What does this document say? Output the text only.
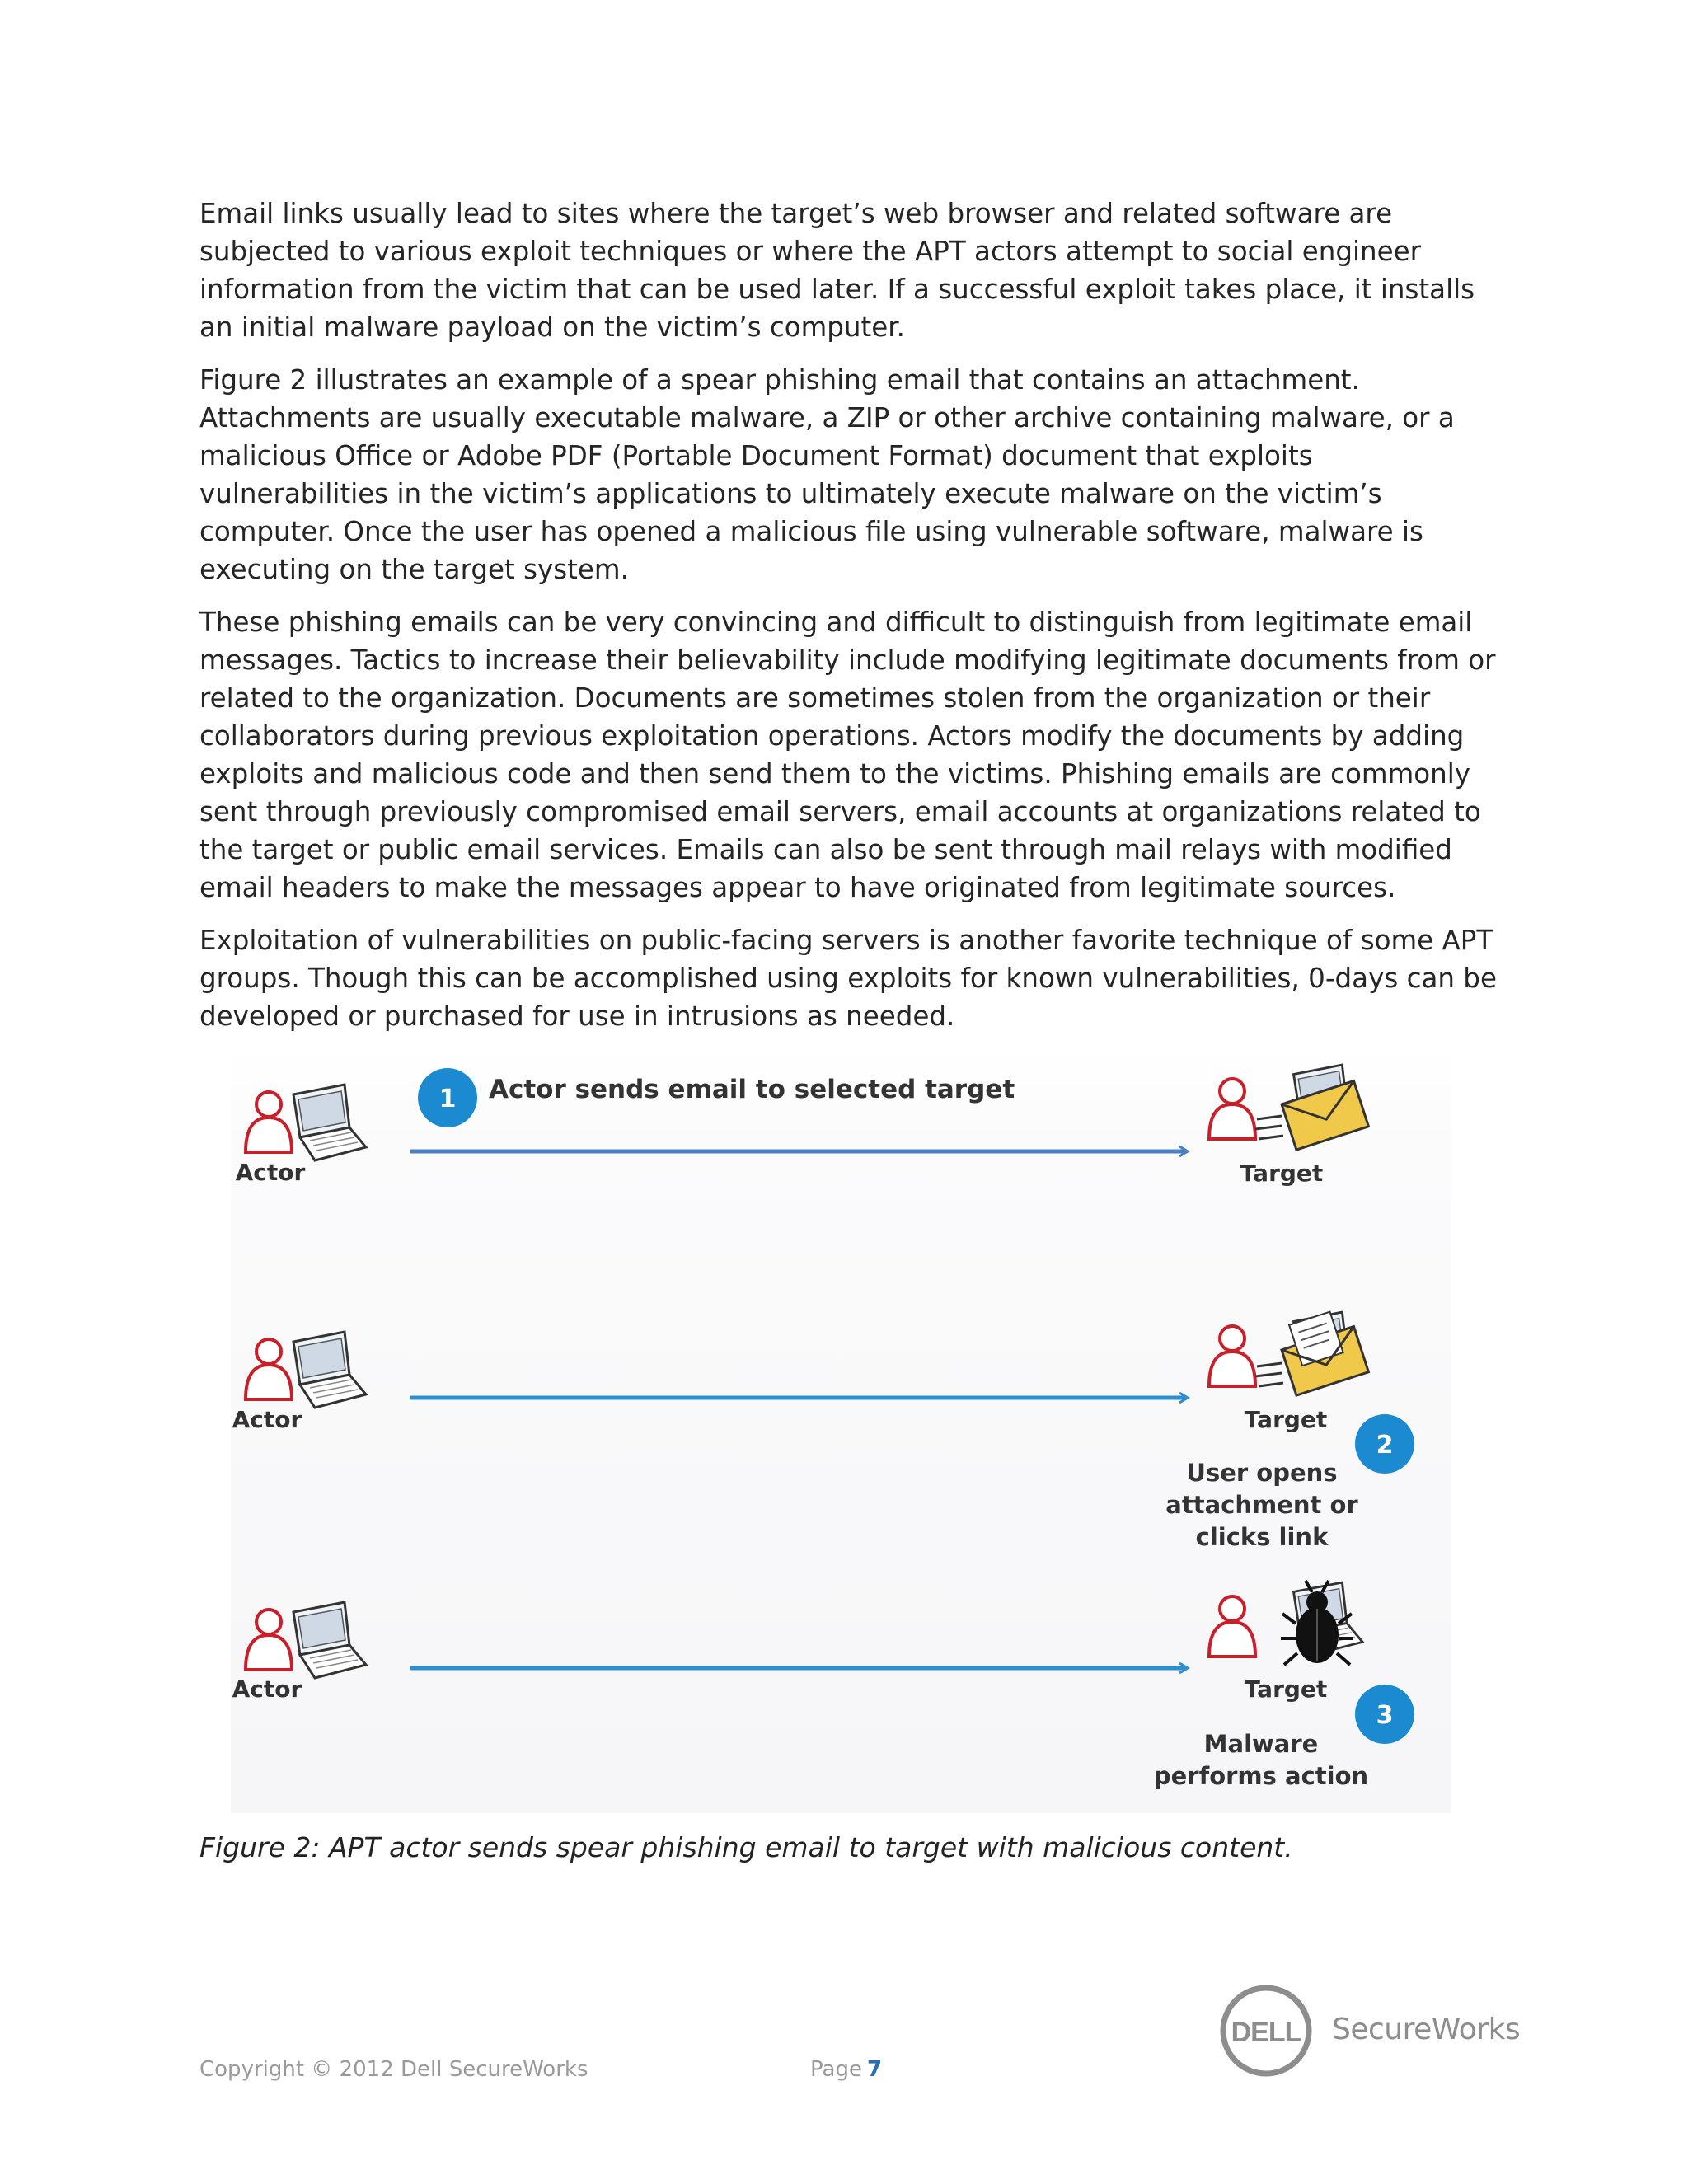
Email links usually lead to sites where the target’s web browser and related software are subjected to various exploit techniques or where the APT actors attempt to social engineer information from the victim that can be used later. If a successful exploit takes place, it installs an initial malware payload on the victim’s computer.

Figure 2 illustrates an example of a spear phishing email that contains an attachment. Attachments are usually executable malware, a ZIP or other archive containing malware, or a malicious Office or Adobe PDF (Portable Document Format) document that exploits vulnerabilities in the victim’s applications to ultimately execute malware on the victim’s computer. Once the user has opened a malicious file using vulnerable software, malware is executing on the target system.

These phishing emails can be very convincing and difficult to distinguish from legitimate email messages. Tactics to increase their believability include modifying legitimate documents from or related to the organization. Documents are sometimes stolen from the organization or their collaborators during previous exploitation operations. Actors modify the documents by adding exploits and malicious code and then send them to the victims. Phishing emails are commonly sent through previously compromised email servers, email accounts at organizations related to the target or public email services. Emails can also be sent through mail relays with modified email headers to make the messages appear to have originated from legitimate sources.

Exploitation of vulnerabilities on public-facing servers is another favorite technique of some APT groups. Though this can be accomplished using exploits for known vulnerabilities, 0-days can be developed or purchased for use in intrusions as needed.

Actor
1 Actor sends email to selected target
Target
Actor	Target
2
User opens
attachment or
clicks link
Actor	Target
3
Malware
performs action
Figure 2: APT actor sends spear phishing email to target with malicious content.
Copyright © 2012 Dell SecureWorks	Page 7
DELL SecureWorks
